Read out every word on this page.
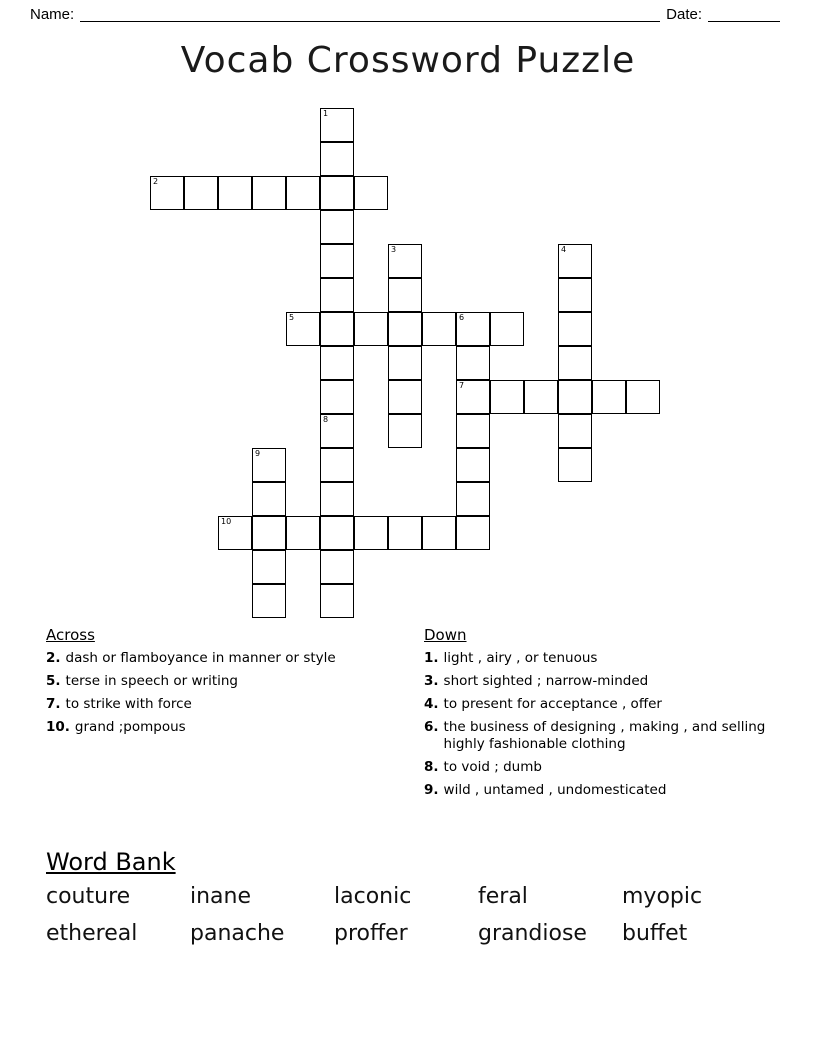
Name:	Date:
Vocab Crossword Puzzle
1
2
3	4
5	6
7
8
9
10
Across
2. dash or flamboyance in manner or style
5. terse in speech or writing
7. to strike with force
10. grand ;pompous
Down
1. light , airy , or tenuous
3. short sighted ; narrow-minded
4. to present for acceptance , offer
6. the business of designing , making , and selling highly fashionable clothing
8. to void ; dumb
9. wild , untamed , undomesticated
Word Bank
couture	inane	laconic	feral	myopic
ethereal	panache	proffer	grandiose	buffet
